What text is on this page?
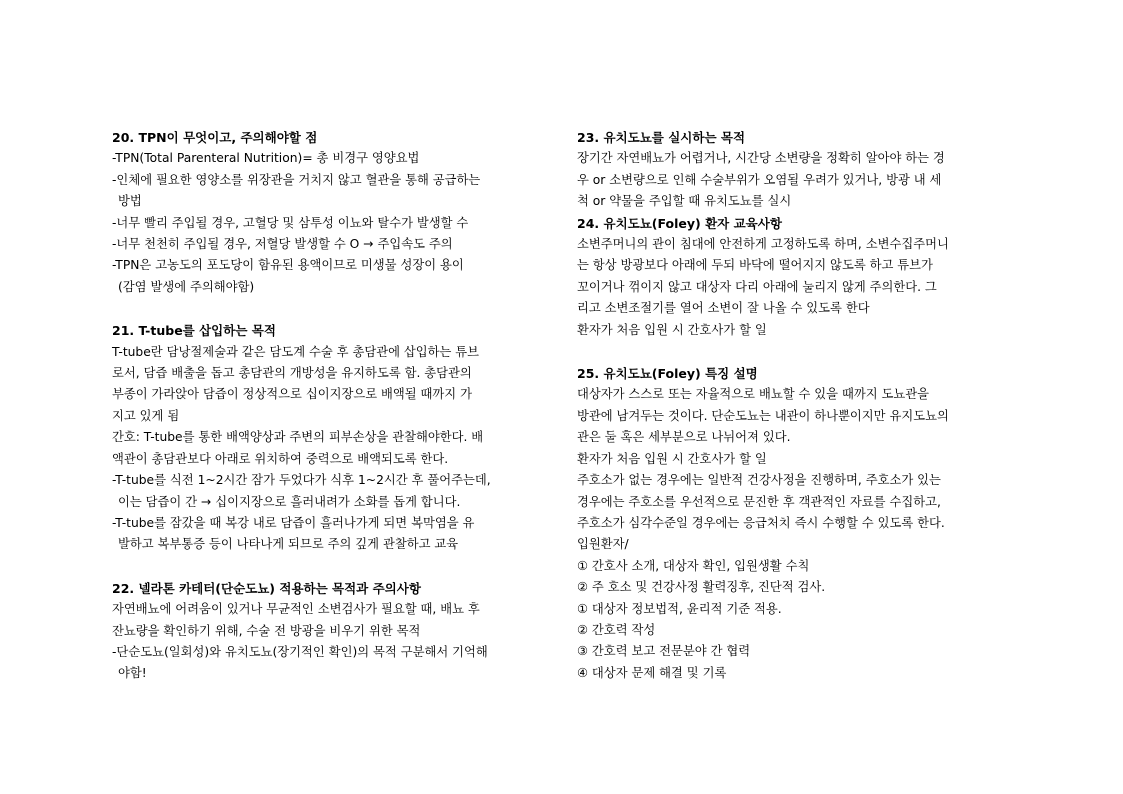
20. TPN이 무엇이고, 주의해야할 점
-TPN(Total Parenteral Nutrition)= 총 비경구 영양요법
-인체에 필요한 영양소를 위장관을 거치지 않고 혈관을 통해 공급하는
방법
-너무 빨리 주입될 경우, 고혈당 및 삼투성 이뇨와 탈수가 발생할 수
-너무 천천히 주입될 경우, 저혈당 발생할 수 O → 주입속도 주의
-TPN은 고농도의 포도당이 함유된 용액이므로 미생물 성장이 용이
(감염 발생에 주의해야함)
21. T-tube를 삽입하는 목적
T-tube란 담낭절제술과 같은 담도계 수술 후 총담관에 삽입하는 튜브
로서, 담즙 배출을 돕고 총담관의 개방성을 유지하도록 함. 총담관의
부종이 가라앉아 담즙이 정상적으로 십이지장으로 배액될 때까지 가
지고 있게 됨
간호: T-tube를 통한 배액양상과 주변의 피부손상을 관찰해야한다. 배
액관이 총담관보다 아래로 위치하여 중력으로 배액되도록 한다.
-T-tube를 식전 1~2시간 잠가 두었다가 식후 1~2시간 후 풀어주는데,
이는 담즙이 간 → 십이지장으로 흘러내려가 소화를 돕게 합니다.
-T-tube를 잠갔을 때 복강 내로 담즙이 흘러나가게 되면 복막염을 유
발하고 복부통증 등이 나타나게 되므로 주의 깊게 관찰하고 교육
22. 넬라톤 카테터(단순도뇨) 적용하는 목적과 주의사항
자연배뇨에 어려움이 있거나 무균적인 소변검사가 필요할 때, 배뇨 후
잔뇨량을 확인하기 위해, 수술 전 방광을 비우기 위한 목적
-단순도뇨(일회성)와 유치도뇨(장기적인 확인)의 목적 구분해서 기억해
야함!
23. 유치도뇨를 실시하는 목적
장기간 자연배뇨가 어렵거나, 시간당 소변량을 정확히 알아야 하는 경
우 or 소변량으로 인해 수술부위가 오염될 우려가 있거나, 방광 내 세
척 or 약물을 주입할 때 유치도뇨를 실시
24. 유치도뇨(Foley) 환자 교육사항
소변주머니의 관이 침대에 안전하게 고정하도록 하며, 소변수집주머니
는 항상 방광보다 아래에 두되 바닥에 떨어지지 않도록 하고 튜브가
꼬이거나 꺾이지 않고 대상자 다리 아래에 눌리지 않게 주의한다. 그
리고 소변조절기를 열어 소변이 잘 나올 수 있도록 한다
환자가 처음 입원 시 간호사가 할 일
25. 유치도뇨(Foley) 특징 설명
대상자가 스스로 또는 자율적으로 배뇨할 수 있을 때까지 도뇨관을
방관에 남겨두는 것이다. 단순도뇨는 내관이 하나뿐이지만 유지도뇨의
관은 둘 혹은 세부분으로 나뉘어져 있다.
환자가 처음 입원 시 간호사가 할 일
주호소가 없는 경우에는 일반적 건강사정을 진행하며, 주호소가 있는
경우에는 주호소를 우선적으로 문진한 후 객관적인 자료를 수집하고,
주호소가 심각수준일 경우에는 응급처치 즉시 수행할 수 있도록 한다.
입원환자/
① 간호사 소개, 대상자 확인, 입원생활 수칙
② 주 호소 및 건강사정 활력징후, 진단적 검사.
① 대상자 정보법적, 윤리적 기준 적용.
② 간호력 작성
③ 간호력 보고 전문분야 간 협력
④ 대상자 문제 해결 및 기록
